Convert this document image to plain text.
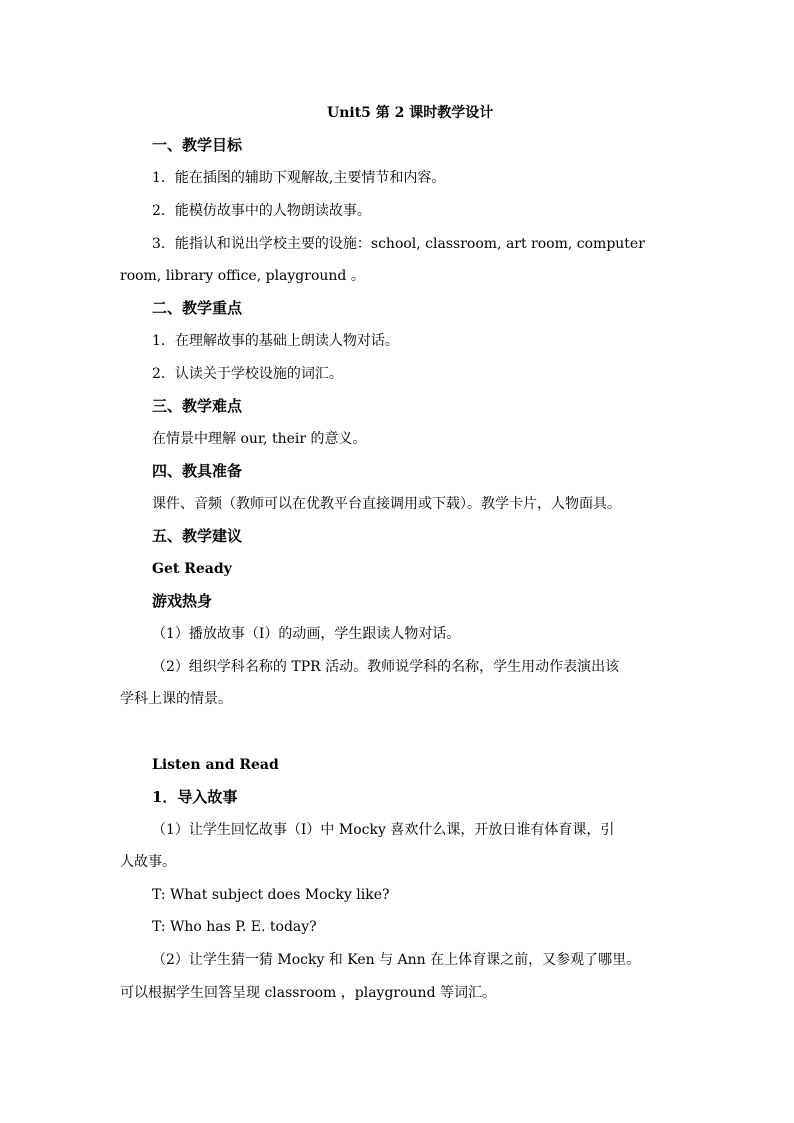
Unit5 第 2 课时教学设计
一、教学目标
1．能在插图的辅助下观解故,主要情节和内容。
2．能模仿故事中的人物朗读故事。
3．能指认和说出学校主要的设施：school, classroom, art room, computer
room, library office, playground 。
二、教学重点
1．在理解故事的基础上朗读人物对话。
2．认读关于学校设施的词汇。
三、教学难点
在情景中理解 our, their 的意义。
四、教具准备
课件、音频（教师可以在优教平台直接调用或下载）。教学卡片，人物面具。
五、教学建议
Get Ready
游戏热身
（1）播放故事（I）的动画，学生跟读人物对话。
（2）组织学科名称的 TPR 活动。教师说学科的名称，学生用动作表演出该
学科上课的情景。
Listen and Read
1．导入故事
（1）让学生回忆故事（I）中 Mocky 喜欢什么课，开放日谁有体育课，引
人故事。
T: What subject does Mocky like?
T: Who has P. E. today?
（2）让学生猜一猜 Mocky 和 Ken 与 Ann 在上体育课之前，又参观了哪里。
可以根据学生回答呈现 classroom ，playground 等词汇。
